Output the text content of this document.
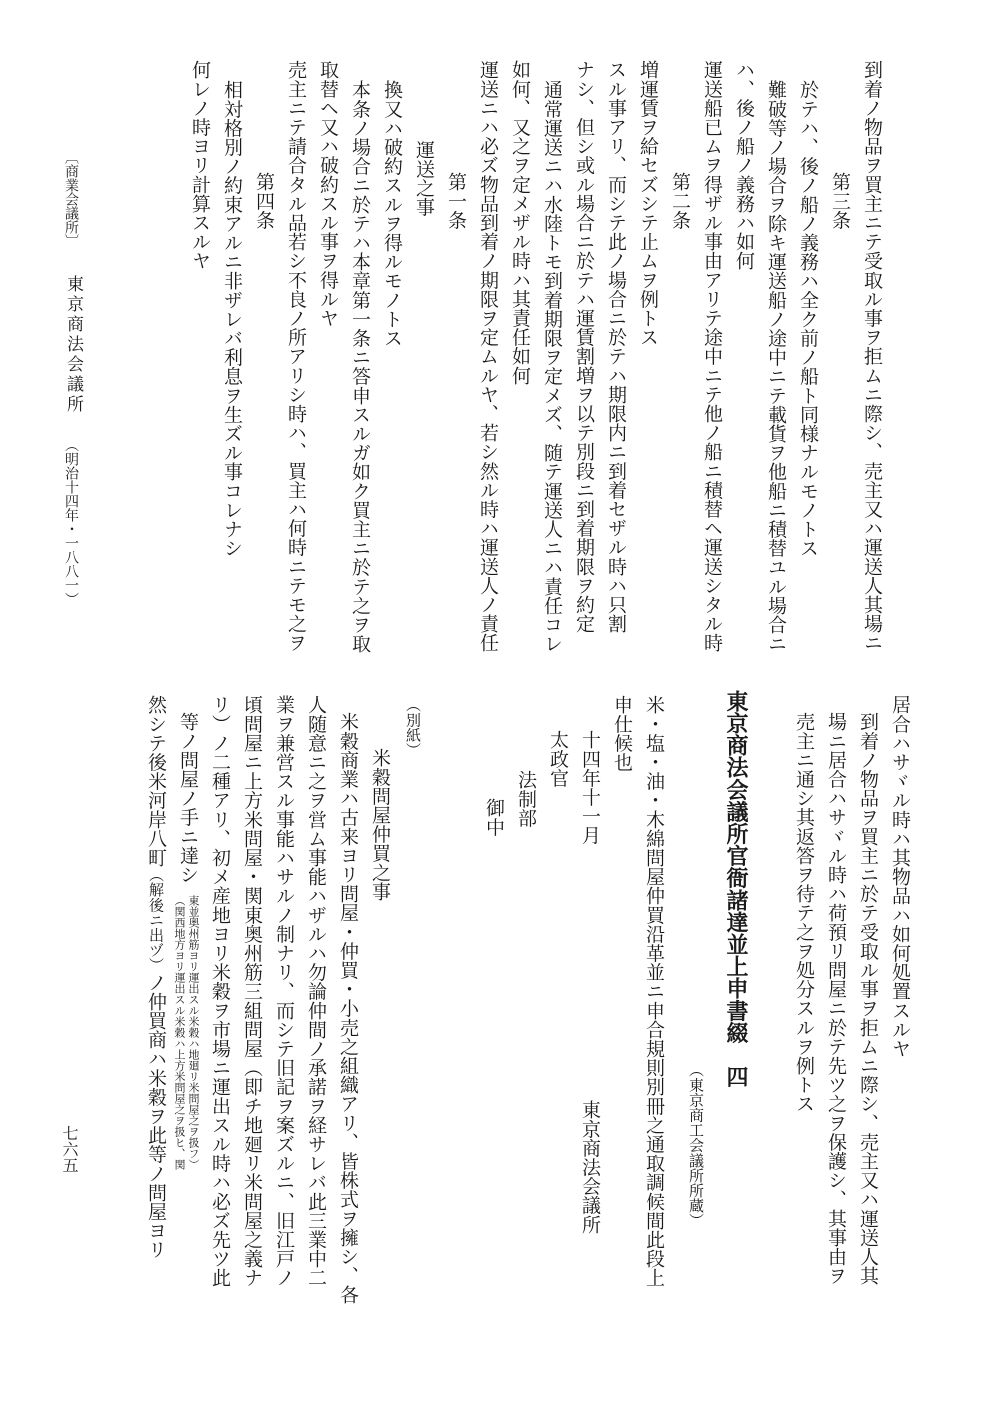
何レノ時ヨリ計算スルヤ 相対格別ノ約束アルニ非ザレバ利息ヲ生ズル事コレナシ 第四条 売主ニテ請合タル品若シ不良ノ所アリシ時ハ、買主ハ何時ニテモ之ヲ 取替ヘ又ハ破約スル事ヲ得ルヤ 本条ノ場合ニ於テハ本章第一条ニ答申スルガ如ク買主ニ於テ之ヲ取 換又ハ破約スルヲ得ルモノトス 運送之事 第一条 運送ニハ必ズ物品到着ノ期限ヲ定ムルヤ、若シ然ル時ハ運送人ノ責任 如何、又之ヲ定メザル時ハ其責任如何 通常運送ニハ水陸トモ到着期限ヲ定メズ、随テ運送人ニハ責任コレ ナシ、但シ或ル場合ニ於テハ運賃割増ヲ以テ別段ニ到着期限ヲ約定 スル事アリ、而シテ此ノ場合ニ於テハ期限内ニ到着セザル時ハ只割 増運賃ヲ給セズシテ止ムヲ例トス 第二条 運送船已ムヲ得ザル事由アリテ途中ニテ他ノ船ニ積替ヘ運送シタル時 ハ、後ノ船ノ義務ハ如何 難破等ノ場合ヲ除キ運送船ノ途中ニテ載貨ヲ他船ニ積替ユル場合ニ 於テハ、後ノ船ノ義務ハ全ク前ノ船ト同様ナルモノトス 第三条 到着ノ物品ヲ買主ニテ受取ル事ヲ拒ムニ際シ、売主又ハ運送人其場ニ
〔商業会議所〕
東京商法会議所
（明治十四年・一八八一）
居合ハサヾル時ハ其物品ハ如何処置スルヤ
到着ノ物品ヲ買主ニ於テ受取ル事ヲ拒ムニ際シ、売主又ハ運送人其
場ニ居合ハサヾル時ハ荷預リ問屋ニ於テ先ツ之ヲ保護シ、其事由ヲ
売主ニ通シ其返答ヲ待テ之ヲ処分スルヲ例トス
東京商法会議所官衙諸達並上申書綴　四
（東京商工会議所所蔵）
米・塩・油・木綿問屋仲買沿革並ニ申合規則別冊之通取調候間此段上
申仕候也
十四年十一月
東京商法会議所
太政官
法制部
御中
（別紙）
米穀問屋仲買之事
米穀商業ハ古来ヨリ問屋・仲買・小売之組織アリ、皆株式ヲ擁シ、各
人随意ニ之ヲ営ム事能ハザルハ勿論仲間ノ承諾ヲ経サレバ此三業中二
業ヲ兼営スル事能ハサルノ制ナリ、而シテ旧記ヲ案ズルニ、旧江戸ノ
頃問屋ニ上方米問屋・関東奥州筋三組問屋（即チ地廻リ米問屋之義ナ
リ）ノ二種アリ、初メ産地ヨリ米穀ヲ市場ニ運出スル時ハ必ズ先ツ此
等ノ問屋ノ手ニ達シ
（関西地方ヨリ運出スル米穀ハ上方米問屋之ヲ扱ヒ、関 東並奥州筋ヨリ運出スル米穀ハ地廻リ米問屋之ヲ扱フ）
然シテ後米河岸八町（解後ニ出ヅ）ノ仲買商ハ米穀ヲ此等ノ問屋ヨリ
七六五
